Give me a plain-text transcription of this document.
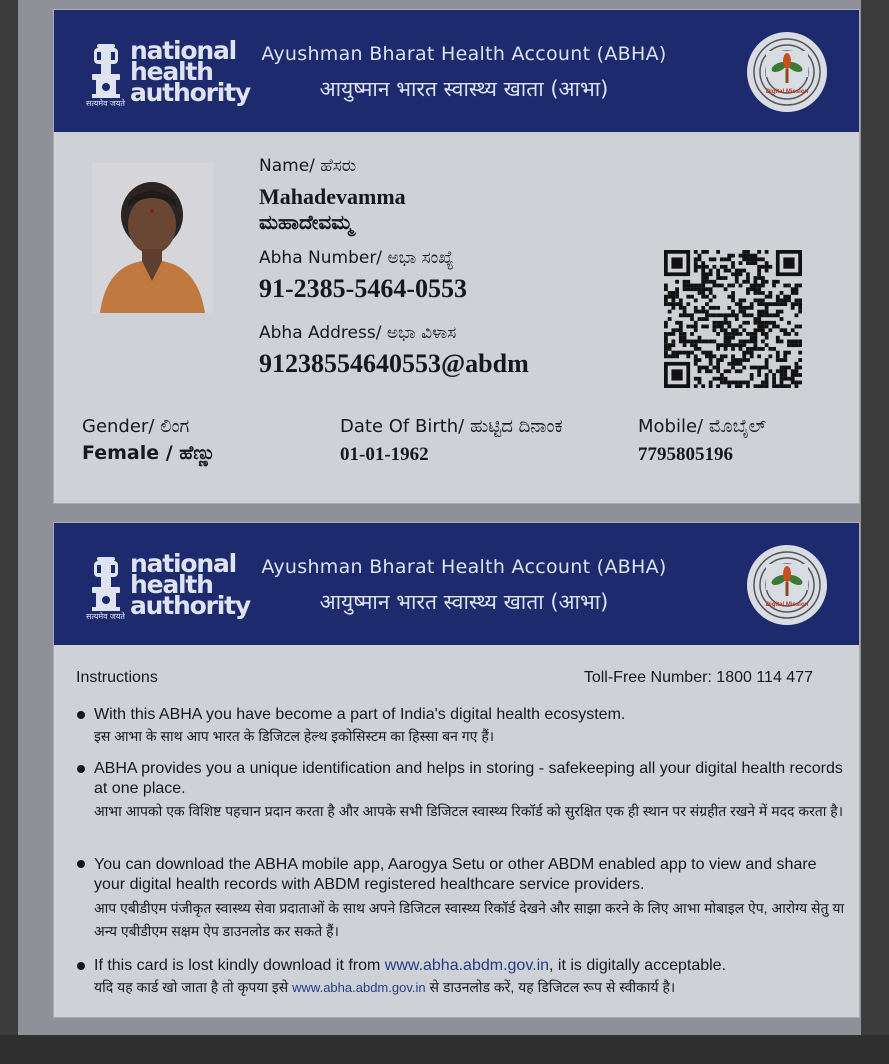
national
health
authority
सत्यमेव जयते
Ayushman Bharat Health Account (ABHA)
आयुष्मान भारत स्वास्थ्य खाता (आभा)	Digital Mission
Name/ ಹೆಸರು
Mahadevamma
ಮಹಾದೇವಮ್ಮ
Abha Number/ ಅಭಾ ಸಂಖ್ಯೆ
91-2385-5464-0553
Abha Address/ ಅಭಾ ವಿಳಾಸ
91238554640553@abdm
Gender/ ಲಿಂಗ
Female / ಹೆಣ್ಣು
Date Of Birth/ ಹುಟ್ಟಿದ ದಿನಾಂಕ
01-01-1962
Mobile/ ಮೊಬೈಲ್
7795805196
national
health
authority
सत्यमेव जयते
Ayushman Bharat Health Account (ABHA)
आयुष्मान भारत स्वास्थ्य खाता (आभा)	Digital Mission
Instructions	Toll-Free Number: 1800 114 477
With this ABHA you have become a part of India's digital health ecosystem.
इस आभा के साथ आप भारत के डिजिटल हेल्थ इकोसिस्टम का हिस्सा बन गए हैं।
ABHA provides you a unique identification and helps in storing - safekeeping all your digital health records at one place.
आभा आपको एक विशिष्ट पहचान प्रदान करता है और आपके सभी डिजिटल स्वास्थ्य रिकॉर्ड को सुरक्षित एक ही स्थान पर संग्रहीत रखने में मदद करता है।
You can download the ABHA mobile app, Aarogya Setu or other ABDM enabled app to view and share your digital health records with ABDM registered healthcare service providers.
आप एबीडीएम पंजीकृत स्वास्थ्य सेवा प्रदाताओं के साथ अपने डिजिटल स्वास्थ्य रिकॉर्ड देखने और साझा करने के लिए आभा मोबाइल ऐप, आरोग्य सेतु या अन्य एबीडीएम सक्षम ऐप डाउनलोड कर सकते हैं।
If this card is lost kindly download it from www.abha.abdm.gov.in, it is digitally acceptable.
यदि यह कार्ड खो जाता है तो कृपया इसे www.abha.abdm.gov.in से डाउनलोड करें, यह डिजिटल रूप से स्वीकार्य है।
